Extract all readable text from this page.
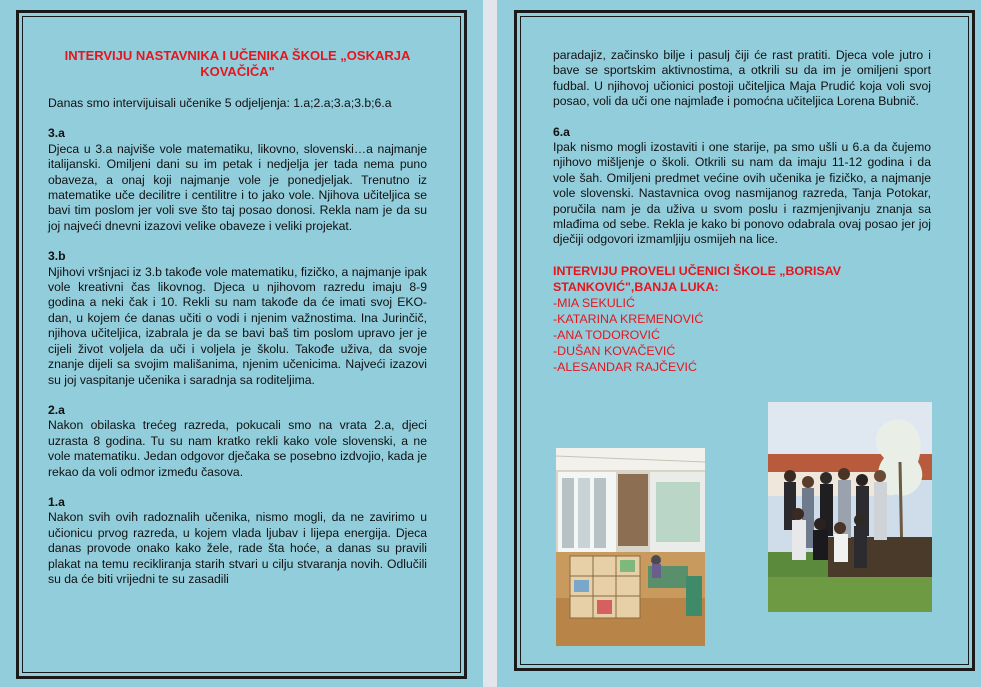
INTERVIJU NASTAVNIKA I UČENIKA ŠKOLE „OSKARJA KOVAČIČA"

Danas smo intervijuisali učenike 5 odjeljenja: 1.a;2.a;3.a;3.b;6.a

3.a
Djeca u 3.a najviše vole matematiku, likovno, slovenski…a najmanje italijanski. Omiljeni dani su im petak i nedjelja jer tada nema puno obaveza, a onaj koji najmanje vole je ponedjeljak. Trenutno iz matematike uče decilitre i centilitre i to jako vole. Njihova učiteljica se bavi tim poslom jer voli sve što taj posao donosi. Rekla nam je da su joj najveći dnevni izazovi velike obaveze i veliki projekat.

3.b
Njihovi vršnjaci iz 3.b takođe vole matematiku, fizičko, a najmanje ipak vole kreativni čas likovnog. Djeca u njihovom razredu imaju 8-9 godina a neki čak i 10. Rekli su nam takođe da će imati svoj EKO-dan, u kojem će danas učiti o vodi i njenim važnostima. Ina Jurinčič, njihova učiteljica, izabrala je da se bavi baš tim poslom upravo jer je cijeli život voljela da uči i voljela je školu. Takođe uživa, da svoje znanje dijeli sa svojim mališanima, njenim učenicima. Najveći izazovi su joj vaspitanje učenika i saradnja sa roditeljima.

2.a
Nakon obilaska trećeg razreda, pokucali smo na vrata 2.a, djeci uzrasta 8 godina. Tu su nam kratko rekli kako vole slovenski, a ne vole matematiku. Jedan odgovor dječaka se posebno izdvojio, kada je rekao da voli odmor između časova.

1.a
Nakon svih ovih radoznalih učenika, nismo mogli, da ne zavirimo u učionicu prvog razreda, u kojem vlada ljubav i lijepa energija. Djeca danas provode onako kako žele, rade šta hoće, a danas su pravili plakat na temu recikliranja starih stvari u cilju stvaranja novih. Odlučili su da će biti vrijedni te su zasadili

paradajiz, začinsko bilje i pasulj čiji će rast pratiti. Djeca vole jutro i bave se sportskim aktivnostima, a otkrili su da im je omiljeni sport fudbal. U njihovoj učionici postoji učiteljica Maja Prudić koja voli svoj posao, voli da uči one najmlađe i pomoćna učiteljica Lorena Bubnič.

6.a
Ipak nismo mogli izostaviti i one starije, pa smo ušli u 6.a da čujemo njihovo mišljenje o školi. Otkrili su nam da imaju 11-12 godina i da vole šah. Omiljeni predmet većine ovih učenika je fizičko, a najmanje vole slovenski. Nastavnica ovog nasmijanog razreda, Tanja Potokar, poručila nam je da uživa u svom poslu i razmjenjivanju znanja sa mlađima od sebe. Rekla je kako bi ponovo odabrala ovaj posao jer joj dječiji odgovori izmamljiju osmijeh na lice.

INTERVIJU PROVELI UČENICI ŠKOLE „BORISAV STANKOVIĆ",BANJA LUKA:
-MIA SEKULIĆ
-KATARINA KREMENOVIĆ
-ANA TODOROVIĆ
-DUŠAN KOVAČEVIĆ
-ALESANDAR RAJČEVIĆ
